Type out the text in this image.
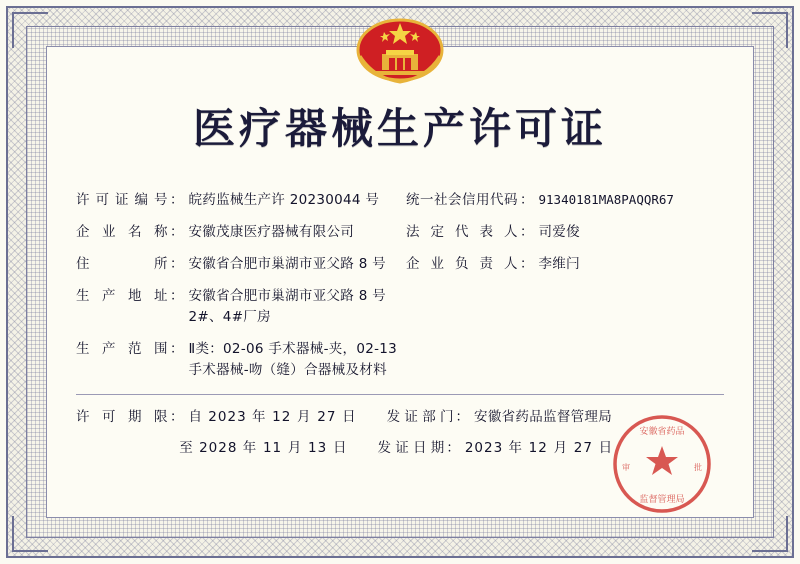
医疗器械生产许可证
许可证编号 ： 皖药监械生产许 20230044 号 统一社会信用代码 ： 91340181MA8PAQQR67
企业名称 ： 安徽茂康医疗器械有限公司	法定代表人 ： 司爱俊
住所 ： 安徽省合肥市巢湖市亚父路 8 号 企业负责人 ： 李维闩
生产地址 ： 安徽省合肥市巢湖市亚父路 8 号
2#、4#厂房
生产范围 ： Ⅱ类：02-06 手术器械-夹，02-13
手术器械-吻（缝）合器械及材料
许可期限 ： 自 2023 年 12 月 27 日 发 证 部 门 ： 安徽省药品监督管理局

至 2028 年 11 月 13 日 发 证 日 期 ： 2023 年 12 月 27 日
安徽省药品
监督管理局
审	批
